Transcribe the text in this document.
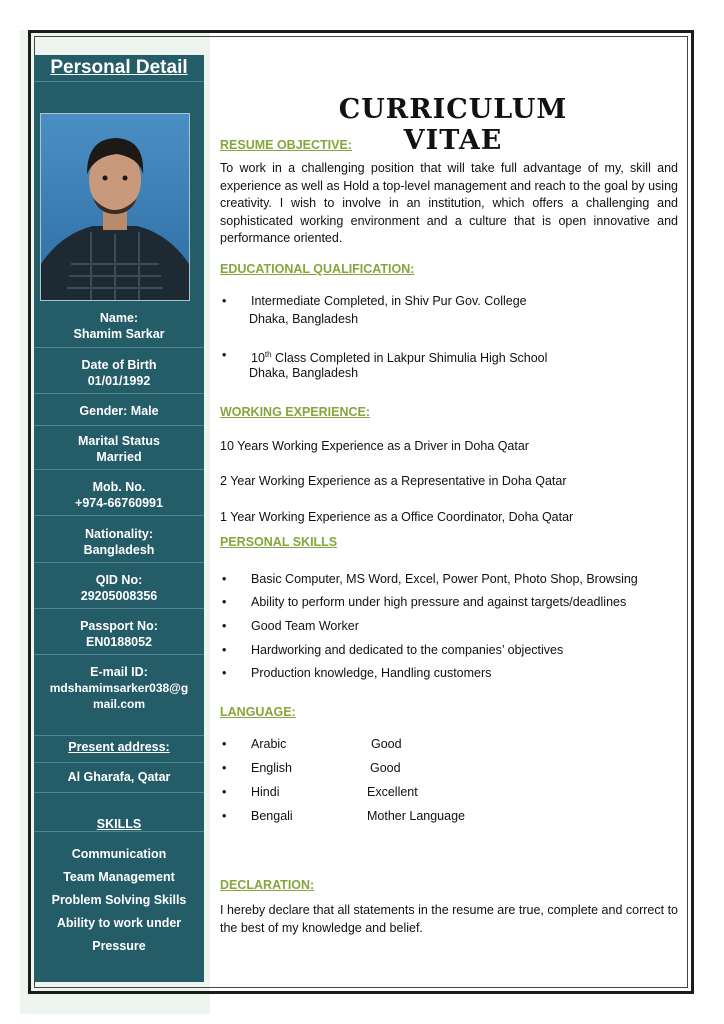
Personal Detail
Name:
Shamim Sarkar
Date of Birth
01/01/1992
Gender: Male
Marital Status
Married
Mob. No.
+974-66760991
Nationality:
Bangladesh
QID No:
29205008356
Passport No:
EN0188052
E-mail ID:
mdshamimsarker038@g
mail.com
Present address:
Al Gharafa, Qatar
SKILLS
Communication
Team Management
Problem Solving Skills
Ability to work under
Pressure
CURRICULUM VITAE
RESUME OBJECTIVE:
To work in a challenging position that will take full advantage of my, skill and experience as well as Hold a top-level management and reach to the goal by using creativity. I wish to involve in an institution, which offers a challenging and sophisticated working environment and a culture that is open innovative and performance oriented.
EDUCATIONAL QUALIFICATION:
• Intermediate Completed, in Shiv Pur Gov. College
Dhaka, Bangladesh
• 10th Class Completed in Lakpur Shimulia High School
Dhaka, Bangladesh
WORKING EXPERIENCE:
10 Years Working Experience as a Driver in Doha Qatar
2 Year Working Experience as a Representative in Doha Qatar
1 Year Working Experience as a Office Coordinator, Doha Qatar
PERSONAL SKILLS
• Basic Computer, MS Word, Excel, Power Pont, Photo Shop, Browsing
• Ability to perform under high pressure and against targets/deadlines
• Good Team Worker
• Hardworking and dedicated to the companies’ objectives
• Production knowledge, Handling customers
LANGUAGE:
• Arabic	Good
• English	Good
• Hindi	Excellent
• Bengali	Mother Language
DECLARATION:
I hereby declare that all statements in the resume are true, complete and correct to the best of my knowledge and belief.
